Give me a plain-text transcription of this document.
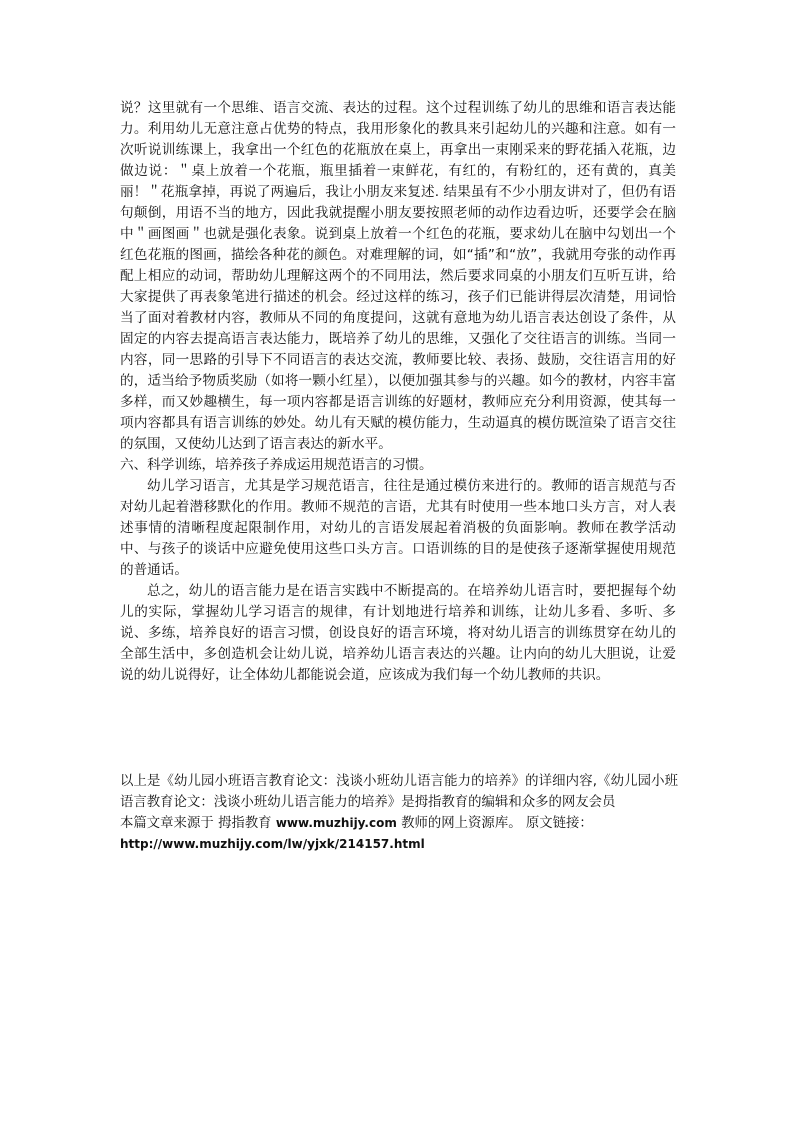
说？这里就有一个思维、语言交流、表达的过程。这个过程训练了幼儿的思维和语言表达能力。利用幼儿无意注意占优势的特点，我用形象化的教具来引起幼儿的兴趣和注意。如有一次听说训练课上，我拿出一个红色的花瓶放在桌上，再拿出一束刚采来的野花插入花瓶，边做边说：＂桌上放着一个花瓶，瓶里插着一束鲜花，有红的，有粉红的，还有黄的，真美丽！＂花瓶拿掉，再说了两遍后，我让小朋友来复述. 结果虽有不少小朋友讲对了，但仍有语句颠倒，用语不当的地方，因此我就提醒小朋友要按照老师的动作边看边听，还要学会在脑中＂画图画＂也就是强化表象。说到桌上放着一个红色的花瓶，要求幼儿在脑中勾划出一个红色花瓶的图画，描绘各种花的颜色。对难理解的词，如“插”和“放”，我就用夸张的动作再配上相应的动词，帮助幼儿理解这两个的不同用法，然后要求同桌的小朋友们互听互讲，给大家提供了再表象笔进行描述的机会。经过这样的练习，孩子们已能讲得层次清楚，用词恰当了面对着教材内容，教师从不同的角度提问，这就有意地为幼儿语言表达创设了条件，从固定的内容去提高语言表达能力，既培养了幼儿的思维，又强化了交往语言的训练。当同一内容，同一思路的引导下不同语言的表达交流，教师要比较、表扬、鼓励，交往语言用的好的，适当给予物质奖励（如将一颗小红星），以便加强其参与的兴趣。如今的教材，内容丰富多样，而又妙趣横生，每一项内容都是语言训练的好题材，教师应充分利用资源，使其每一项内容都具有语言训练的妙处。幼儿有天赋的模仿能力，生动逼真的模仿既渲染了语言交往的氛围，又使幼儿达到了语言表达的新水平。

六、科学训练，培养孩子养成运用规范语言的习惯。

幼儿学习语言，尤其是学习规范语言，往往是通过模仿来进行的。教师的语言规范与否对幼儿起着潜移默化的作用。教师不规范的言语，尤其有时使用一些本地口头方言，对人表述事情的清晰程度起限制作用，对幼儿的言语发展起着消极的负面影响。教师在教学活动中、与孩子的谈话中应避免使用这些口头方言。口语训练的目的是使孩子逐渐掌握使用规范的普通话。

总之，幼儿的语言能力是在语言实践中不断提高的。在培养幼儿语言时，要把握每个幼儿的实际，掌握幼儿学习语言的规律，有计划地进行培养和训练，让幼儿多看、多听、多说、多练，培养良好的语言习惯，创设良好的语言环境，将对幼儿语言的训练贯穿在幼儿的全部生活中，多创造机会让幼儿说，培养幼儿语言表达的兴趣。让内向的幼儿大胆说，让爱说的幼儿说得好，让全体幼儿都能说会道，应该成为我们每一个幼儿教师的共识。

以上是《幼儿园小班语言教育论文：浅谈小班幼儿语言能力的培养》的详细内容,《幼儿园小班语言教育论文：浅谈小班幼儿语言能力的培养》是拇指教育的编辑和众多的网友会员

本篇文章来源于 拇指教育 www.muzhijy.com 教师的网上资源库。 原文链接：

http://www.muzhijy.com/lw/yjxk/214157.html
